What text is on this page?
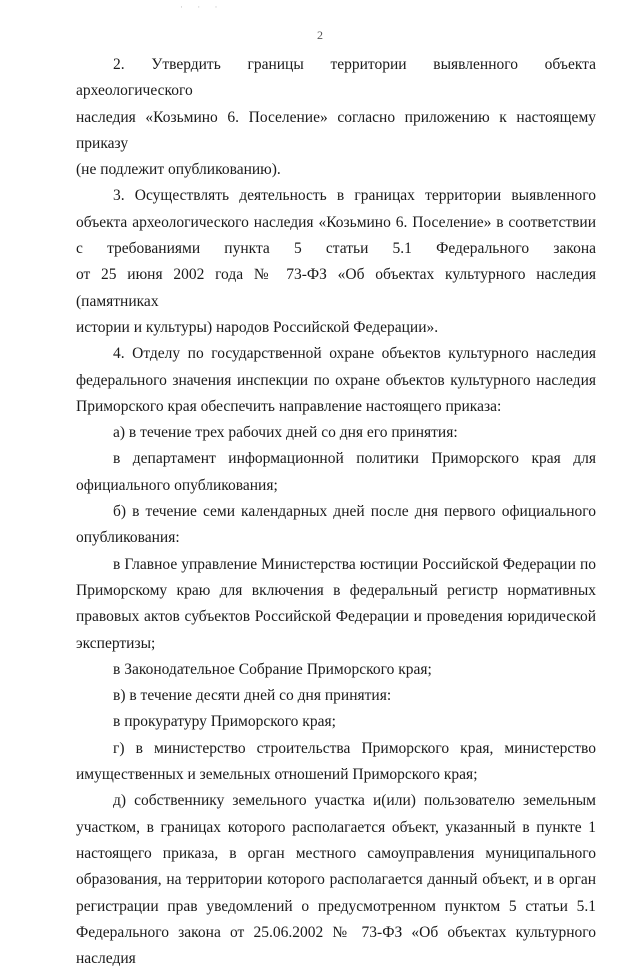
· · ·
2
2. Утвердить границы территории выявленного объекта археологического
наследия «Козьмино 6. Поселение» согласно приложению к настоящему приказу
(не подлежит опубликованию).
3. Осуществлять деятельность в границах территории выявленного
объекта археологического наследия «Козьмино 6. Поселение» в соответствии
с требованиями пункта 5 статьи 5.1 Федерального закона
от 25 июня 2002 года № 73-ФЗ «Об объектах культурного наследия (памятниках
истории и культуры) народов Российской Федерации».
4. Отделу по государственной охране объектов культурного наследия
федерального значения инспекции по охране объектов культурного наследия
Приморского края обеспечить направление настоящего приказа:
а) в течение трех рабочих дней со дня его принятия:
в департамент информационной политики Приморского края для
официального опубликования;
б) в течение семи календарных дней после дня первого официального
опубликования:
в Главное управление Министерства юстиции Российской Федерации по
Приморскому краю для включения в федеральный регистр нормативных
правовых актов субъектов Российской Федерации и проведения юридической
экспертизы;
в Законодательное Собрание Приморского края;
в) в течение десяти дней со дня принятия:
в прокуратуру Приморского края;
г) в министерство строительства Приморского края, министерство
имущественных и земельных отношений Приморского края;
д) собственнику земельного участка и(или) пользователю земельным
участком, в границах которого располагается объект, указанный в пункте 1
настоящего приказа, в орган местного самоуправления муниципального
образования, на территории которого располагается данный объект, и в орган
регистрации прав уведомлений о предусмотренном пунктом 5 статьи 5.1
Федерального закона от 25.06.2002 № 73-ФЗ «Об объектах культурного наследия
